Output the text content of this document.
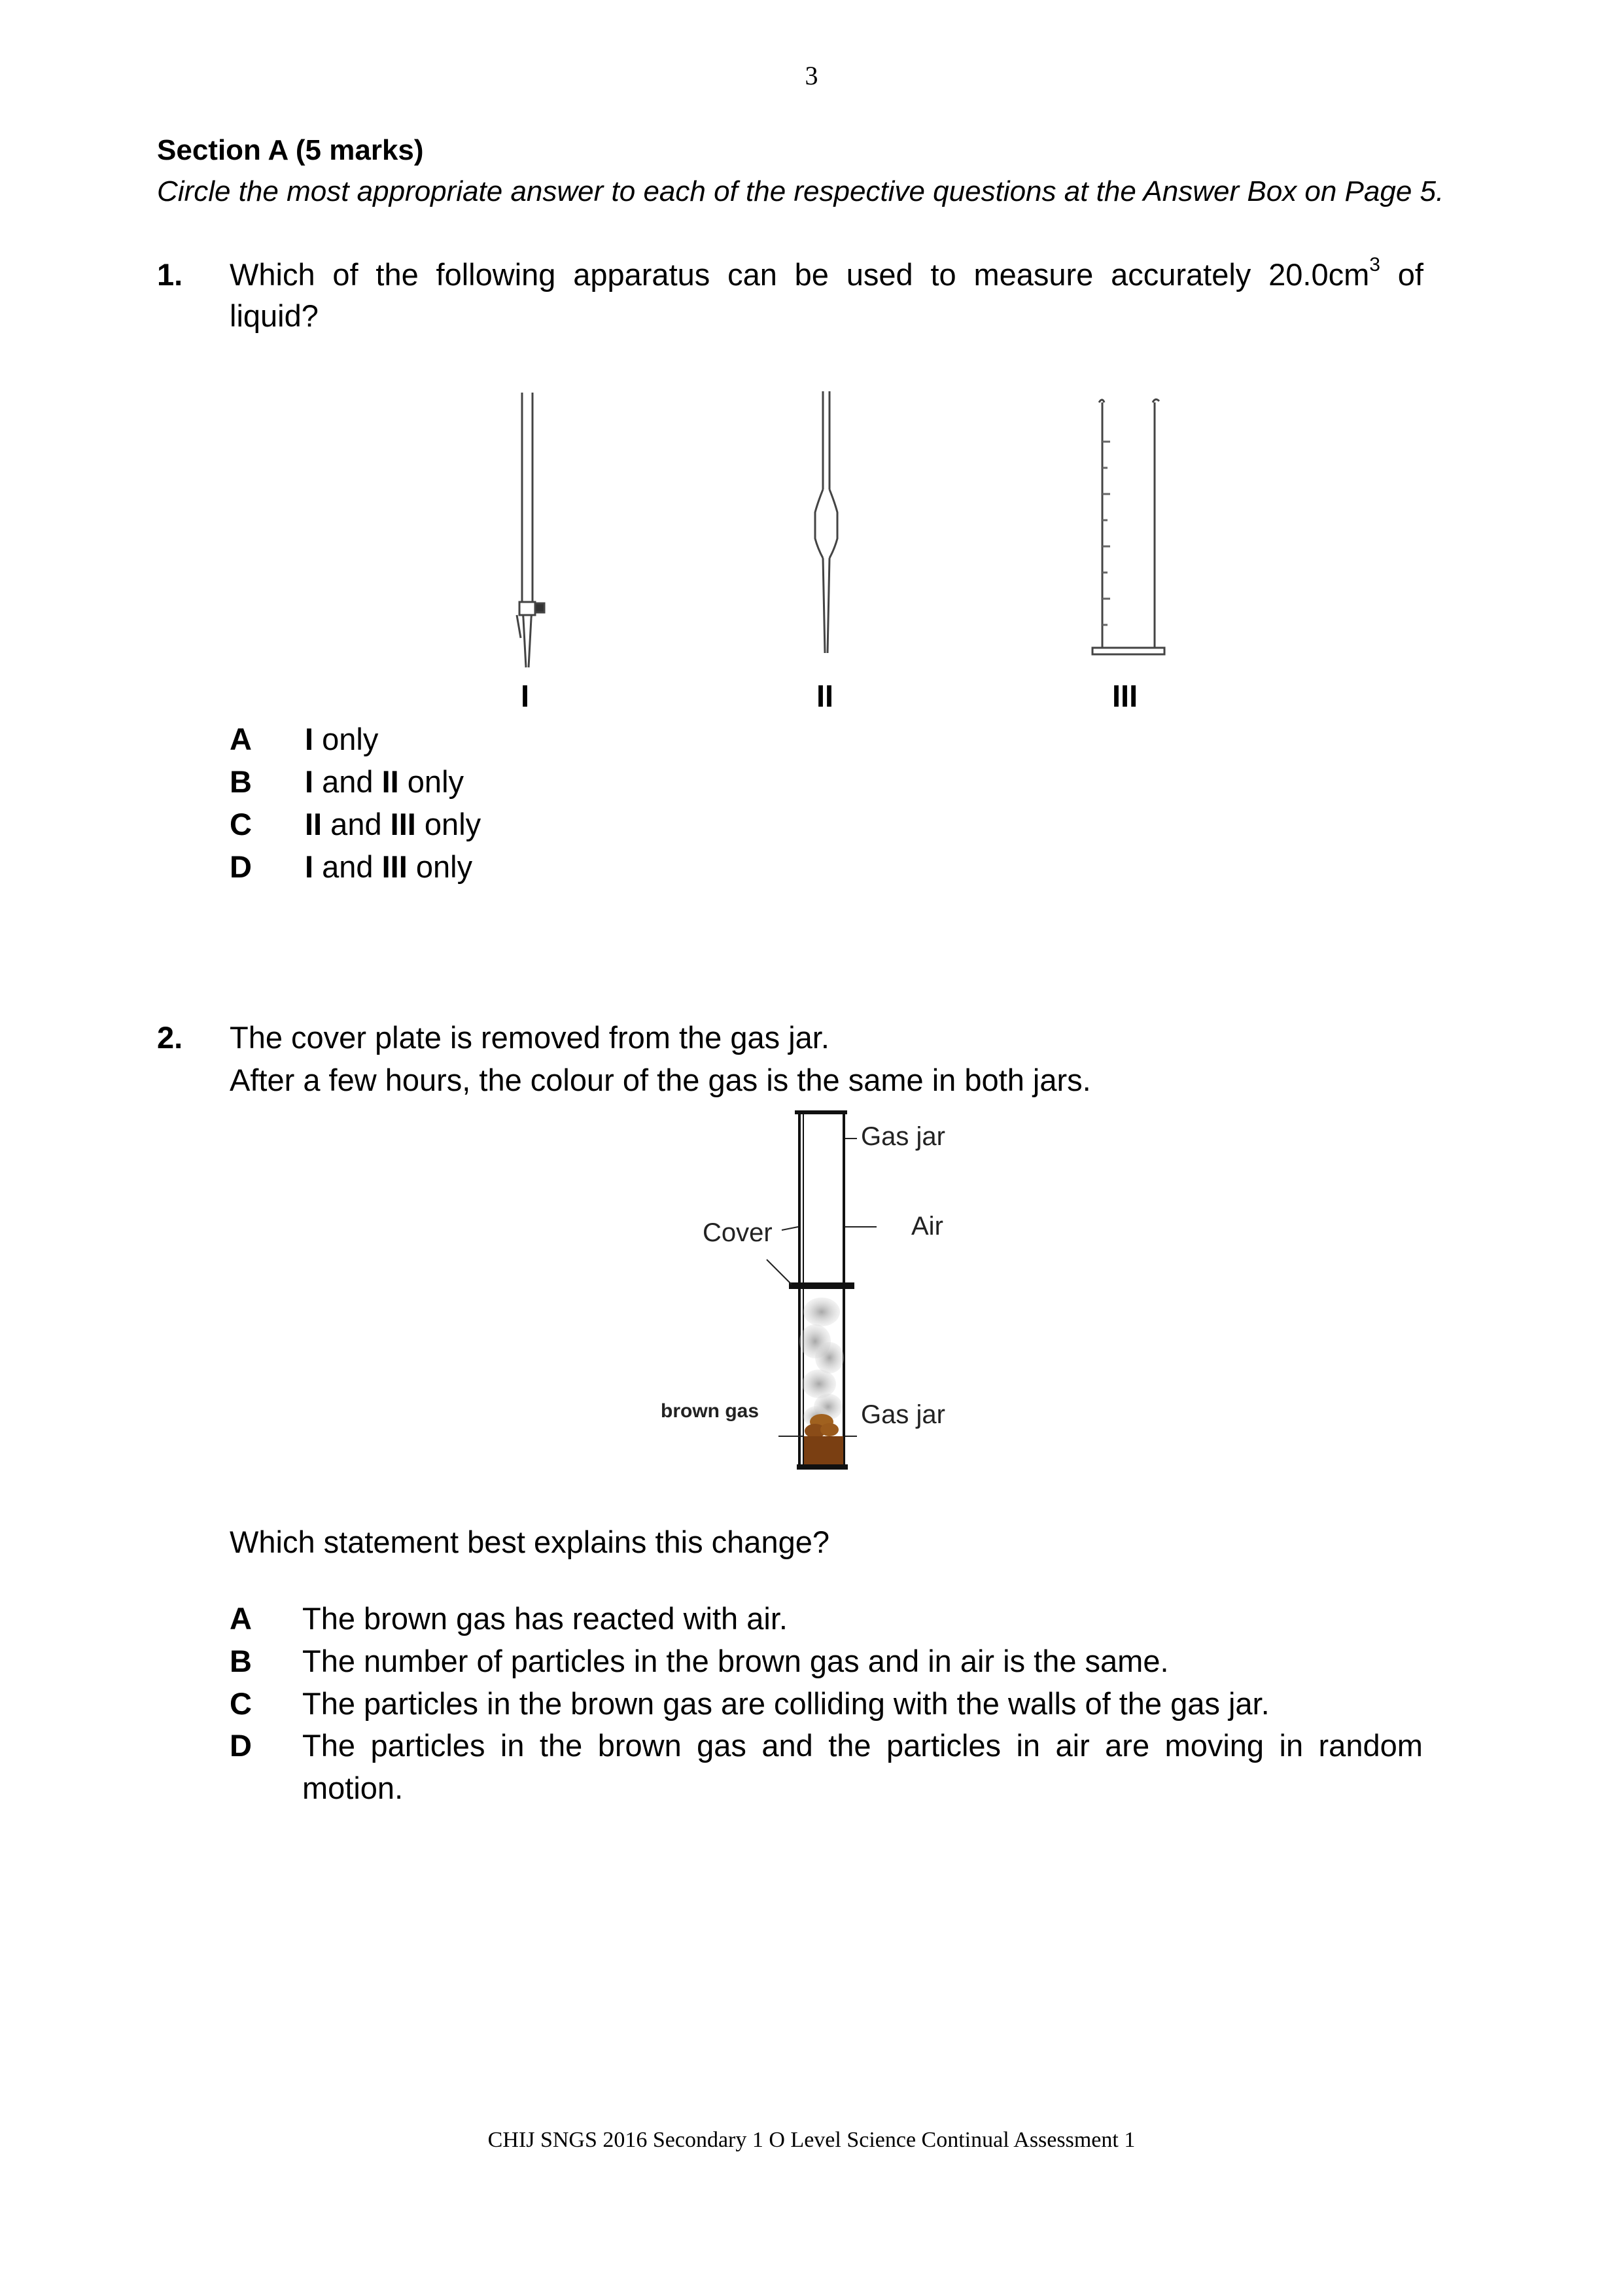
3
Section A (5 marks)
Circle the most appropriate answer to each of the respective questions at the Answer Box on Page 5.
1. Which of the following apparatus can be used to measure accurately $20.0cm^3$ of
liquid?
I	II	III
A I only
B I and II only
C II and III only
D I and III only
2. The cover plate is removed from the gas jar.
After a few hours, the colour of the gas is the same in both jars.
Gas jar
Air
Cover
brown gas	Gas jar
Which statement best explains this change?
A The brown gas has reacted with air.
B The number of particles in the brown gas and in air is the same.
C The particles in the brown gas are colliding with the walls of the gas jar.
D The particles in the brown gas and the particles in air are moving in random
motion.
CHIJ SNGS 2016 Secondary 1 O Level Science Continual Assessment 1
